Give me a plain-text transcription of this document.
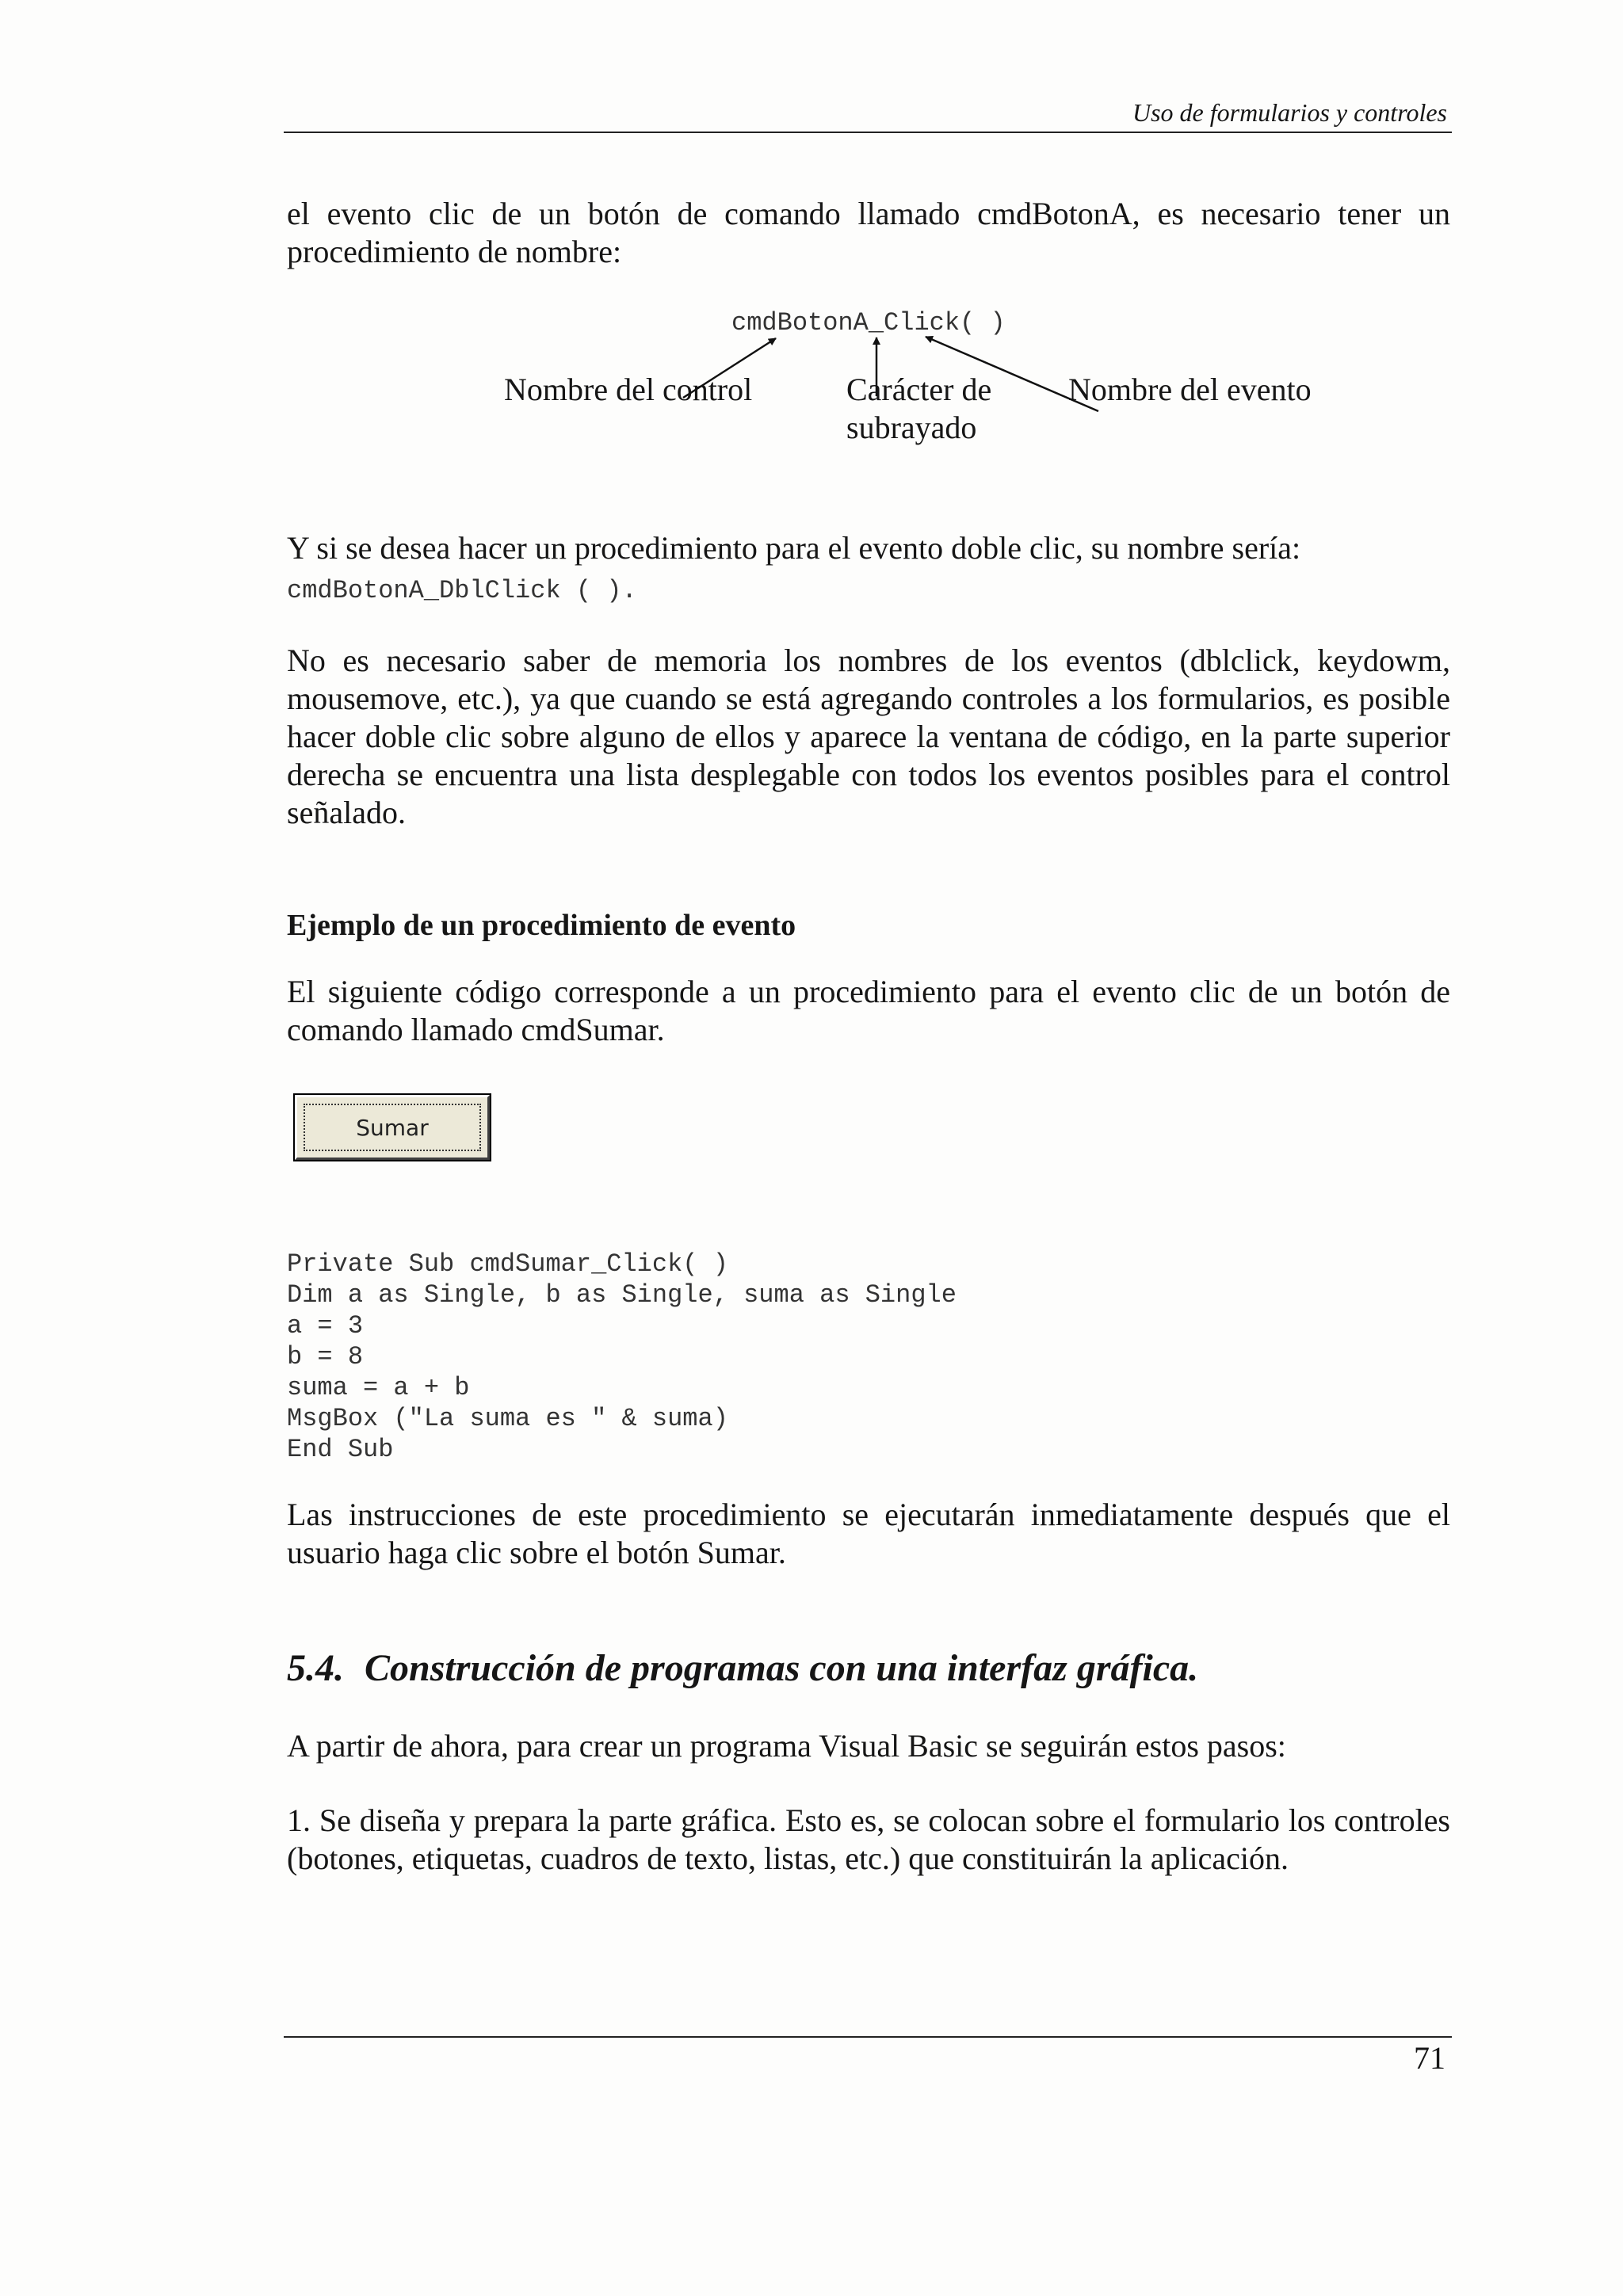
Uso de formularios y controles

el evento clic de un botón de comando llamado cmdBotonA, es necesario tener un procedimiento de nombre:

cmdBotonA_Click( )
Nombre del control	Carácter de
subrayado
Nombre del evento

Y si se desea hacer un procedimiento para el evento doble clic, su nombre sería:

cmdBotonA_DblClick ( ).

No es necesario saber de memoria los nombres de los eventos (dblclick, keydowm, mousemove, etc.), ya que cuando se está agregando controles a los formularios, es posible hacer doble clic sobre alguno de ellos y aparece la ventana de código, en la parte superior derecha se encuentra una lista desplegable con todos los eventos posibles para el control señalado.

Ejemplo de un procedimiento de evento

El siguiente código corresponde a un procedimiento para el evento clic de un botón de comando llamado cmdSumar.

Sumar
Private Sub cmdSumar_Click( )
Dim a as Single, b as Single, suma as Single
a = 3
b = 8
suma = a + b
MsgBox ("La suma es " & suma)
End Sub

Las instrucciones de este procedimiento se ejecutarán inmediatamente después que el usuario haga clic sobre el botón Sumar.

5.4. Construcción de programas con una interfaz gráfica.

A partir de ahora, para crear un programa Visual Basic se seguirán estos pasos:

1. Se diseña y prepara la parte gráfica. Esto es, se colocan sobre el formulario los controles (botones, etiquetas, cuadros de texto, listas, etc.) que constituirán la aplicación.

71
